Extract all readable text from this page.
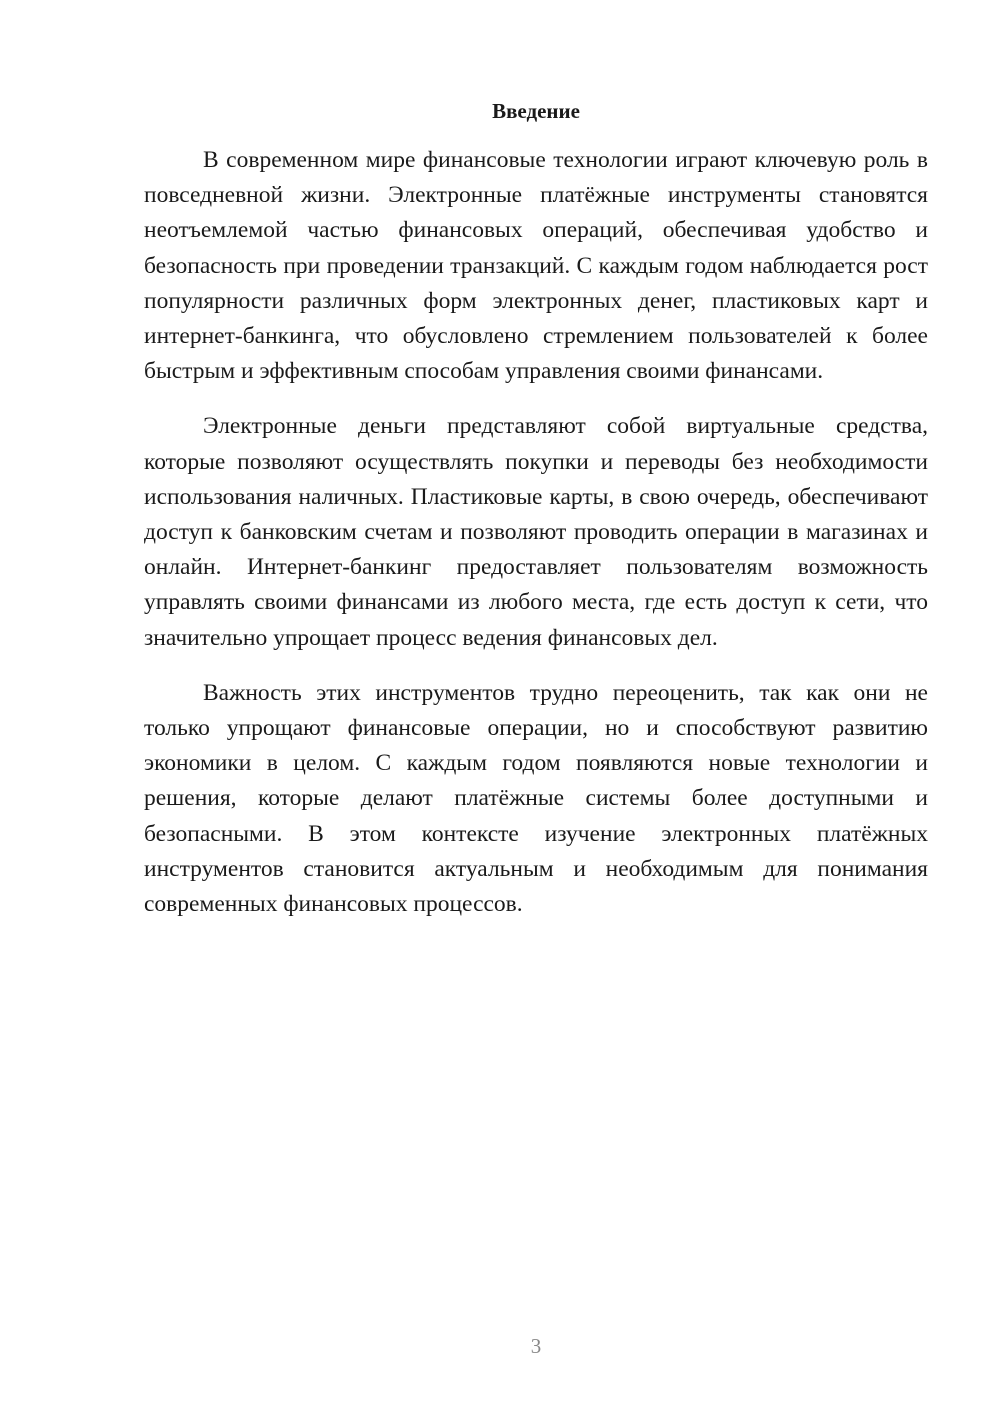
Введение

В современном мире финансовые технологии играют ключевую роль в повседневной жизни. Электронные платёжные инструменты становятся неотъемлемой частью финансовых операций, обеспечивая удобство и безопасность при проведении транзакций. С каждым годом наблюдается рост популярности различных форм электронных денег, пластиковых карт и интернет-банкинга, что обусловлено стремлением пользователей к более быстрым и эффективным способам управления своими финансами.

Электронные деньги представляют собой виртуальные средства, которые позволяют осуществлять покупки и переводы без необходимости использования наличных. Пластиковые карты, в свою очередь, обеспечивают доступ к банковским счетам и позволяют проводить операции в магазинах и онлайн. Интернет-банкинг предоставляет пользователям возможность управлять своими финансами из любого места, где есть доступ к сети, что значительно упрощает процесс ведения финансовых дел.

Важность этих инструментов трудно переоценить, так как они не только упрощают финансовые операции, но и способствуют развитию экономики в целом. С каждым годом появляются новые технологии и решения, которые делают платёжные системы более доступными и безопасными. В этом контексте изучение электронных платёжных инструментов становится актуальным и необходимым для понимания современных финансовых процессов.

3
